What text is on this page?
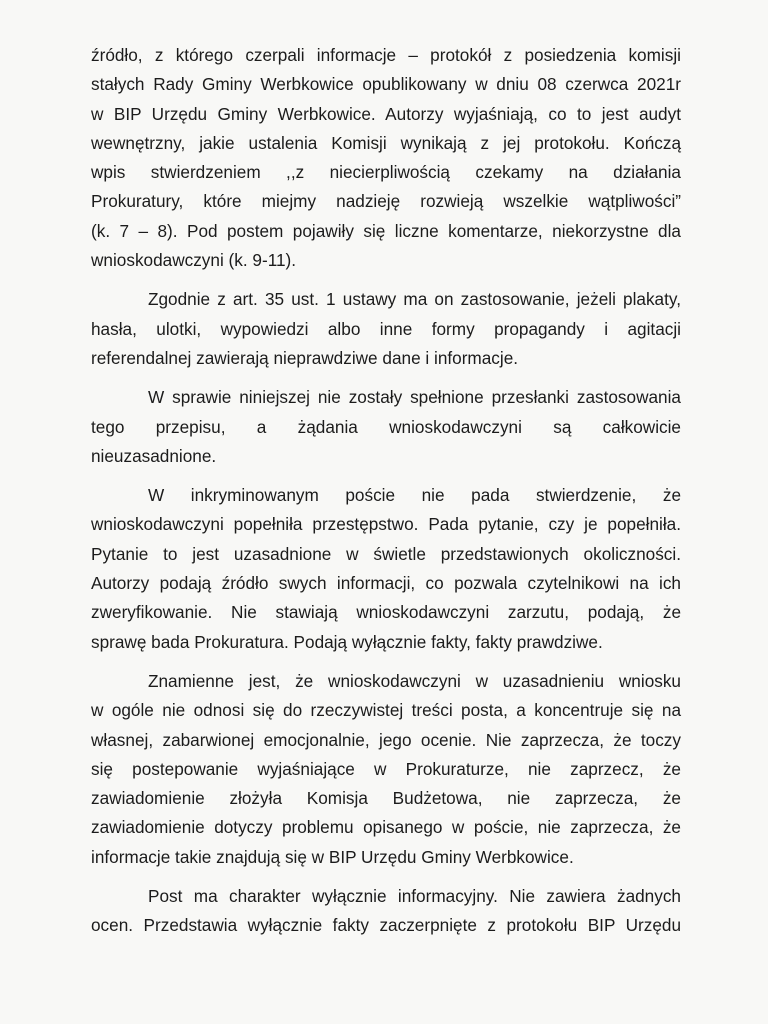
źródło, z którego czerpali informacje – protokół z posiedzenia komisji
stałych Rady Gminy Werbkowice opublikowany w dniu 08 czerwca 2021r
w BIP Urzędu Gminy Werbkowice. Autorzy wyjaśniają, co to jest audyt
wewnętrzny, jakie ustalenia Komisji wynikają z jej protokołu. Kończą
wpis stwierdzeniem ,,z niecierpliwością czekamy na działania
Prokuratury, które miejmy nadzieję rozwieją wszelkie wątpliwości”
(k. 7 – 8). Pod postem pojawiły się liczne komentarze, niekorzystne dla
wnioskodawczyni (k. 9-11).
Zgodnie z art. 35 ust. 1 ustawy ma on zastosowanie, jeżeli plakaty,
hasła, ulotki, wypowiedzi albo inne formy propagandy i agitacji
referendalnej zawierają nieprawdziwe dane i informacje.
W sprawie niniejszej nie zostały spełnione przesłanki zastosowania
tego przepisu, a żądania wnioskodawczyni są całkowicie
nieuzasadnione.
W inkryminowanym poście nie pada stwierdzenie, że
wnioskodawczyni popełniła przestępstwo. Pada pytanie, czy je popełniła.
Pytanie to jest uzasadnione w świetle przedstawionych okoliczności.
Autorzy podają źródło swych informacji, co pozwala czytelnikowi na ich
zweryfikowanie. Nie stawiają wnioskodawczyni zarzutu, podają, że
sprawę bada Prokuratura. Podają wyłącznie fakty, fakty prawdziwe.
Znamienne jest, że wnioskodawczyni w uzasadnieniu wniosku
w ogóle nie odnosi się do rzeczywistej treści posta, a koncentruje się na
własnej, zabarwionej emocjonalnie, jego ocenie. Nie zaprzecza, że toczy
się postepowanie wyjaśniające w Prokuraturze, nie zaprzecz, że
zawiadomienie złożyła Komisja Budżetowa, nie zaprzecza, że
zawiadomienie dotyczy problemu opisanego w poście, nie zaprzecza, że
informacje takie znajdują się w BIP Urzędu Gminy Werbkowice.
Post ma charakter wyłącznie informacyjny. Nie zawiera żadnych
ocen. Przedstawia wyłącznie fakty zaczerpnięte z protokołu BIP Urzędu
